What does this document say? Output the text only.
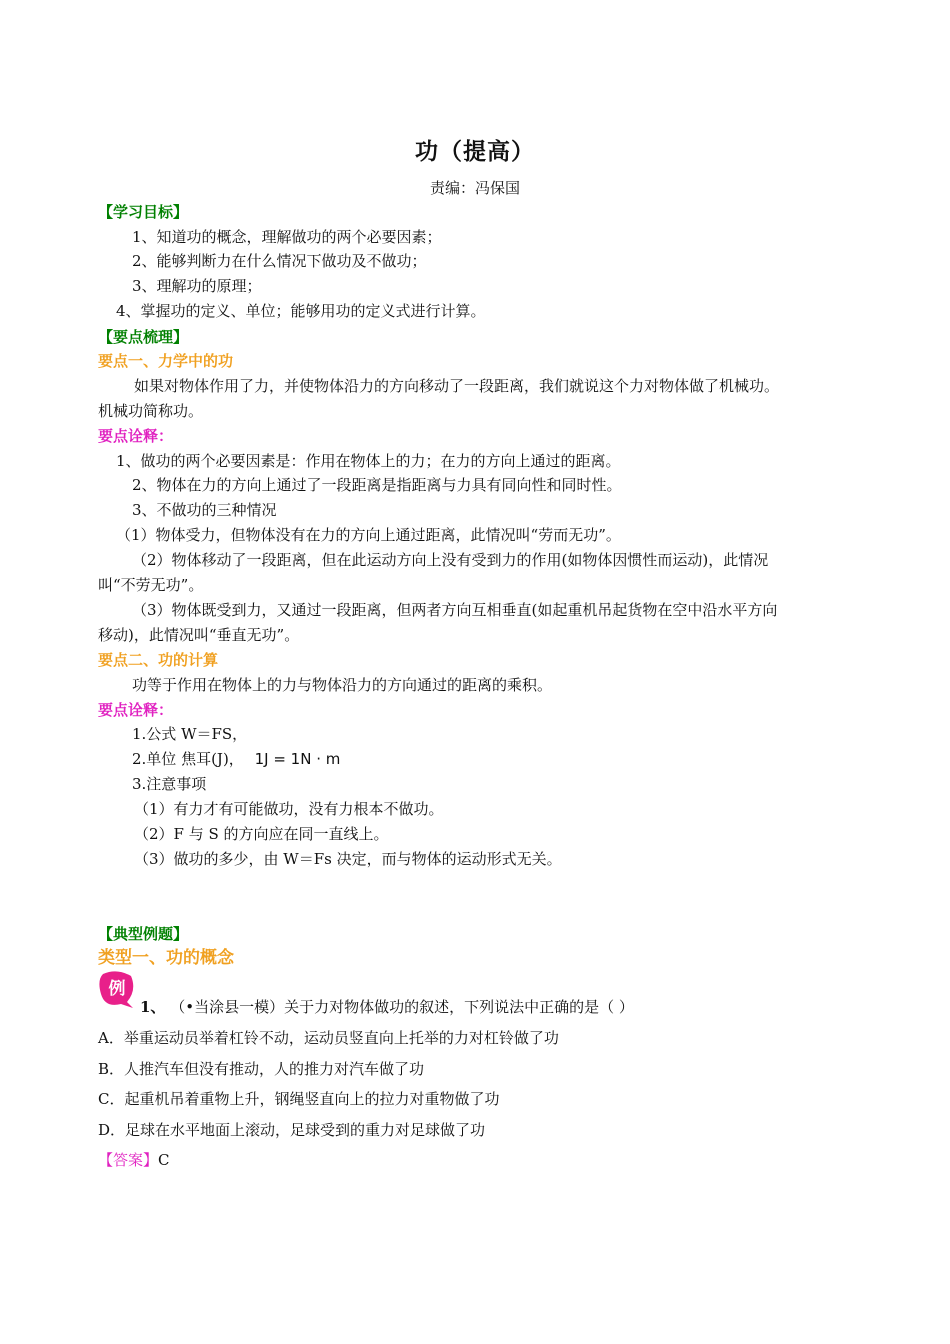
功（提高）
责编：冯保国
【学习目标】
1、知道功的概念，理解做功的两个必要因素；
2、能够判断力在什么情况下做功及不做功；
3、理解功的原理；
4、掌握功的定义、单位；能够用功的定义式进行计算。
【要点梳理】
要点一、力学中的功
如果对物体作用了力，并使物体沿力的方向移动了一段距离，我们就说这个力对物体做了机械功。
机械功简称功。
要点诠释：
1、做功的两个必要因素是：作用在物体上的力；在力的方向上通过的距离。
2、物体在力的方向上通过了一段距离是指距离与力具有同向性和同时性。
3、不做功的三种情况
（1）物体受力，但物体没有在力的方向上通过距离，此情况叫“劳而无功”。
（2）物体移动了一段距离，但在此运动方向上没有受到力的作用(如物体因惯性而运动)，此情况
叫“不劳无功”。
（3）物体既受到力，又通过一段距离，但两者方向互相垂直(如起重机吊起货物在空中沿水平方向
移动)，此情况叫“垂直无功”。
要点二、功的计算
功等于作用在物体上的力与物体沿力的方向通过的距离的乘积。
要点诠释：
1.公式 W＝FS，
2.单位 焦耳(J)， 1J = 1N · m
3.注意事项
（1）有力才有可能做功，没有力根本不做功。
（2）F 与 S 的方向应在同一直线上。
（3）做功的多少，由 W＝Fs 决定，而与物体的运动形式无关。
【典型例题】
类型一、功的概念
例
1、 （•当涂县一模）关于力对物体做功的叙述，下列说法中正确的是（ ）
A．举重运动员举着杠铃不动，运动员竖直向上托举的力对杠铃做了功
B．人推汽车但没有推动，人的推力对汽车做了功
C．起重机吊着重物上升，钢绳竖直向上的拉力对重物做了功
D．足球在水平地面上滚动，足球受到的重力对足球做了功
【答案】C
